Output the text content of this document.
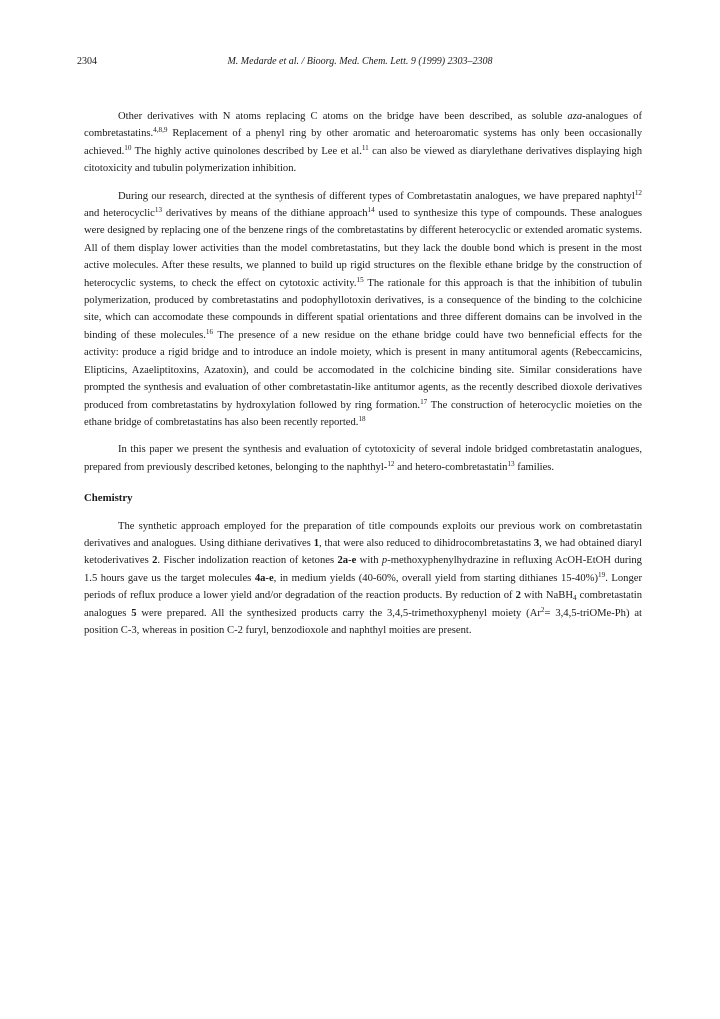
2304	M. Medarde et al. / Bioorg. Med. Chem. Lett. 9 (1999) 2303–2308

Other derivatives with N atoms replacing C atoms on the bridge have been described, as soluble aza-analogues of combretastatins.$^{4,8,9}$ Replacement of a phenyl ring by other aromatic and heteroaromatic systems has only been occasionally achieved.$^{10}$ The highly active quinolones described by Lee et al.$^{11}$ can also be viewed as diarylethane derivatives displaying high citotoxicity and tubulin polymerization inhibition.

During our research, directed at the synthesis of different types of Combretastatin analogues, we have prepared naphtyl$^{12}$ and heterocyclic$^{13}$ derivatives by means of the dithiane approach$^{14}$ used to synthesize this type of compounds. These analogues were designed by replacing one of the benzene rings of the combretastatins by different heterocyclic or extended aromatic systems. All of them display lower activities than the model combretastatins, but they lack the double bond which is present in the most active molecules. After these results, we planned to build up rigid structures on the flexible ethane bridge by the construction of heterocyclic systems, to check the effect on cytotoxic activity.$^{15}$ The rationale for this approach is that the inhibition of tubulin polymerization, produced by combretastatins and podophyllotoxin derivatives, is a consequence of the binding to the colchicine site, which can accomodate these compounds in different spatial orientations and three different domains can be involved in the binding of these molecules.$^{16}$ The presence of a new residue on the ethane bridge could have two benneficial effects for the activity: produce a rigid bridge and to introduce an indole moiety, which is present in many antitumoral agents (Rebeccamicins, Elipticins, Azaeliptitoxins, Azatoxin), and could be accomodated in the colchicine binding site. Similar considerations have prompted the synthesis and evaluation of other combretastatin-like antitumor agents, as the recently described dioxole derivatives produced from combretastatins by hydroxylation followed by ring formation.$^{17}$ The construction of heterocyclic moieties on the ethane bridge of combretastatins has also been recently reported.$^{18}$

In this paper we present the synthesis and evaluation of cytotoxicity of several indole bridged combretastatin analogues, prepared from previously described ketones, belonging to the naphthyl-$^{12}$ and hetero-combretastatin$^{13}$ families.

Chemistry

The synthetic approach employed for the preparation of title compounds exploits our previous work on combretastatin derivatives and analogues. Using dithiane derivatives 1, that were also reduced to dihidrocombretastatins 3, we had obtained diaryl ketoderivatives 2. Fischer indolization reaction of ketones 2a-e with p-methoxyphenylhydrazine in refluxing AcOH-EtOH during 1.5 hours gave us the target molecules 4a-e, in medium yields (40-60%, overall yield from starting dithianes 15-40%)$^{19}$. Longer periods of reflux produce a lower yield and/or degradation of the reaction products. By reduction of 2 with NaBH$_4$ combretastatin analogues 5 were prepared. All the synthesized products carry the 3,4,5-trimethoxyphenyl moiety ($Ar^2=$ 3,4,5-triOMe-Ph) at position C-3, whereas in position C-2 furyl, benzodioxole and naphthyl moities are present.
